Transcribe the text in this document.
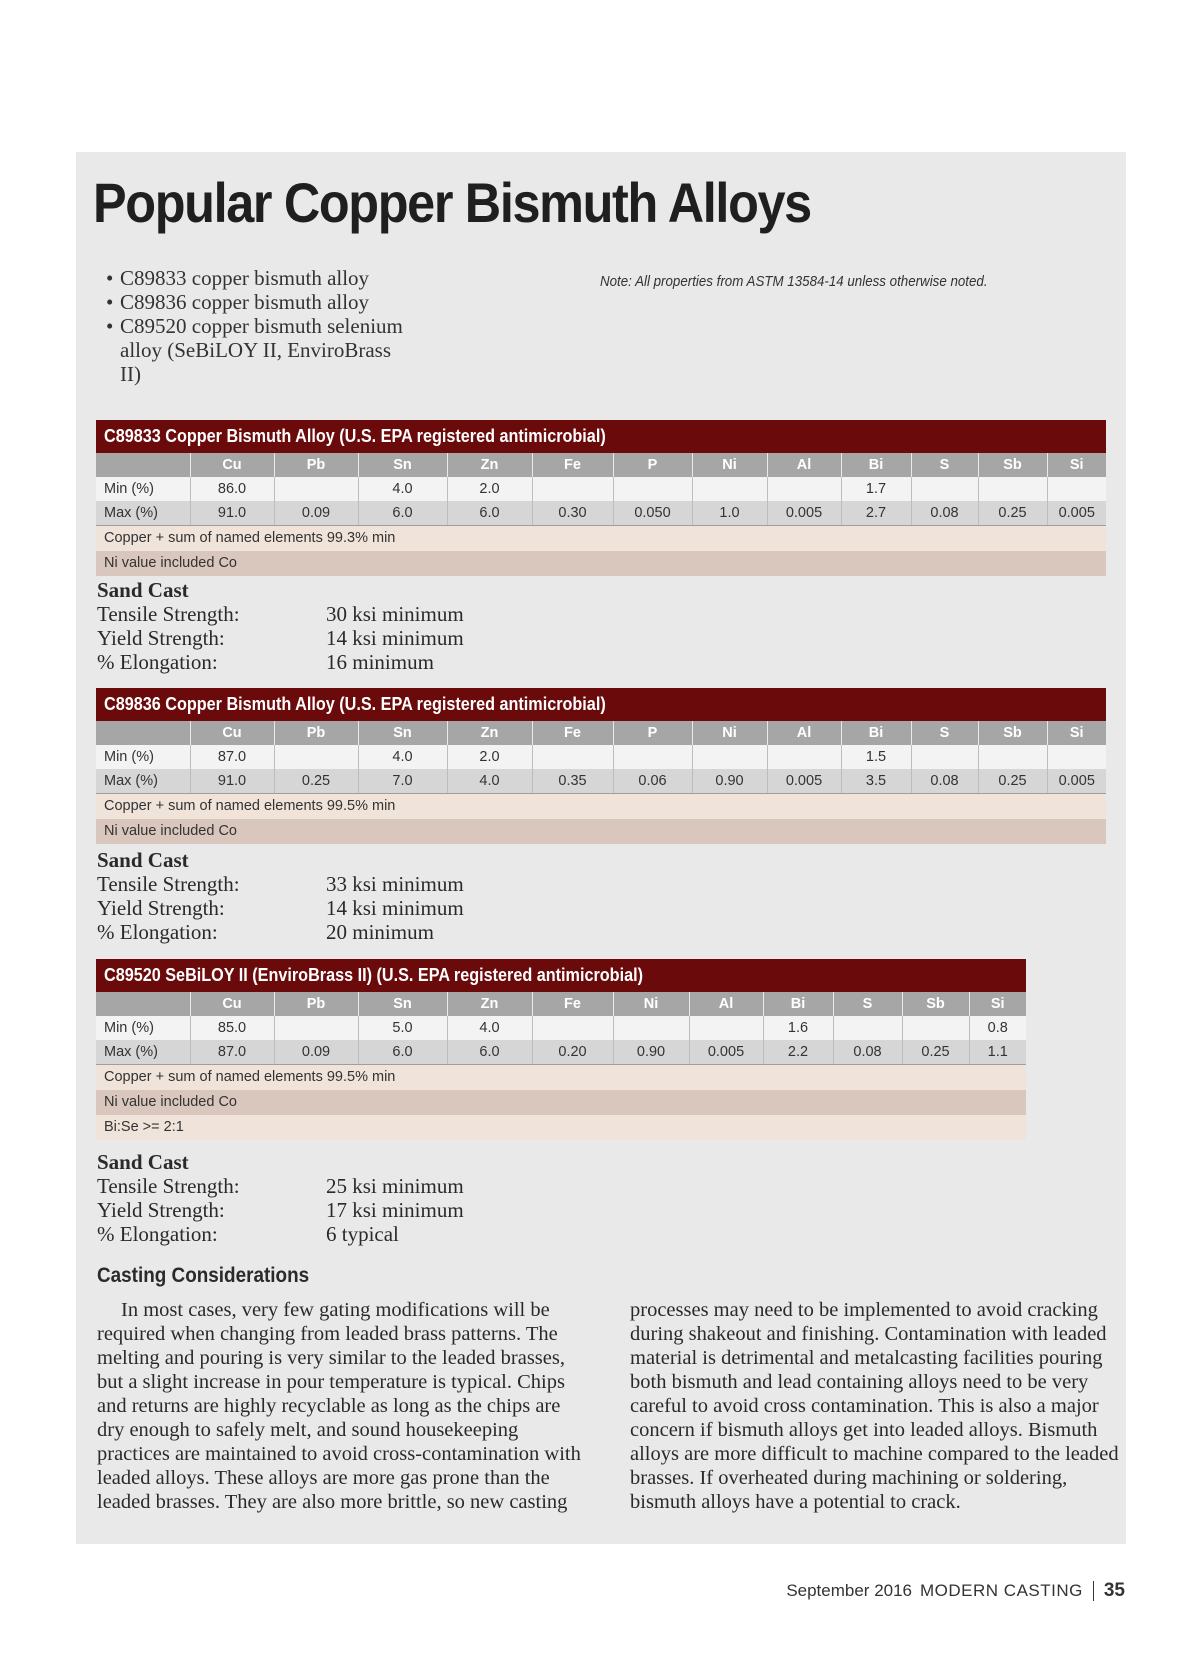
Popular Copper Bismuth Alloys
• C89833 copper bismuth alloy
• C89836 copper bismuth alloy
• C89520 copper bismuth selenium alloy (SeBiLOY II, EnviroBrass II)

Note: All properties from ASTM 13584-14 unless otherwise noted.

C89833 Copper Bismuth Alloy (U.S. EPA registered antimicrobial)
	Cu	Pb	Sn	Zn	Fe	P	Ni	Al	Bi	S	Sb	Si
Min (%)	86.0		4.0	2.0					1.7			
Max (%)	91.0	0.09	6.0	6.0	0.30	0.050	1.0	0.005	2.7	0.08	0.25	0.005
Copper + sum of named elements 99.3% min
Ni value included Co
Sand Cast
Tensile Strength:	30 ksi minimum
Yield Strength:	14 ksi minimum
% Elongation:	16 minimum
C89836 Copper Bismuth Alloy (U.S. EPA registered antimicrobial)
	Cu	Pb	Sn	Zn	Fe	P	Ni	Al	Bi	S	Sb	Si
Min (%)	87.0		4.0	2.0					1.5			
Max (%)	91.0	0.25	7.0	4.0	0.35	0.06	0.90	0.005	3.5	0.08	0.25	0.005
Copper + sum of named elements 99.5% min
Ni value included Co
Sand Cast
Tensile Strength:	33 ksi minimum
Yield Strength:	14 ksi minimum
% Elongation:	20 minimum
C89520 SeBiLOY II (EnviroBrass II) (U.S. EPA registered antimicrobial)
	Cu	Pb	Sn	Zn	Fe	Ni	Al	Bi	S	Sb	Si
Min (%)	85.0		5.0	4.0				1.6			0.8
Max (%)	87.0	0.09	6.0	6.0	0.20	0.90	0.005	2.2	0.08	0.25	1.1
Copper + sum of named elements 99.5% min
Ni value included Co
Bi:Se >= 2:1
Sand Cast
Tensile Strength:	25 ksi minimum
Yield Strength:	17 ksi minimum
% Elongation:	6 typical
Casting Considerations

In most cases, very few gating modifications will be required when changing from leaded brass patterns. The melting and pouring is very similar to the leaded brasses, but a slight increase in pour temperature is typical. Chips and returns are highly recyclable as long as the chips are dry enough to safely melt, and sound housekeeping practices are maintained to avoid cross-contamination with leaded alloys. These alloys are more gas prone than the leaded brasses. They are also more brittle, so new casting

processes may need to be implemented to avoid cracking during shakeout and finishing. Contamination with leaded material is detrimental and metalcasting facilities pouring both bismuth and lead containing alloys need to be very careful to avoid cross contamination. This is also a major concern if bismuth alloys get into leaded alloys. Bismuth alloys are more difficult to machine compared to the leaded brasses. If overheated during machining or soldering, bismuth alloys have a potential to crack.

September 2016 MODERN CASTING 35
